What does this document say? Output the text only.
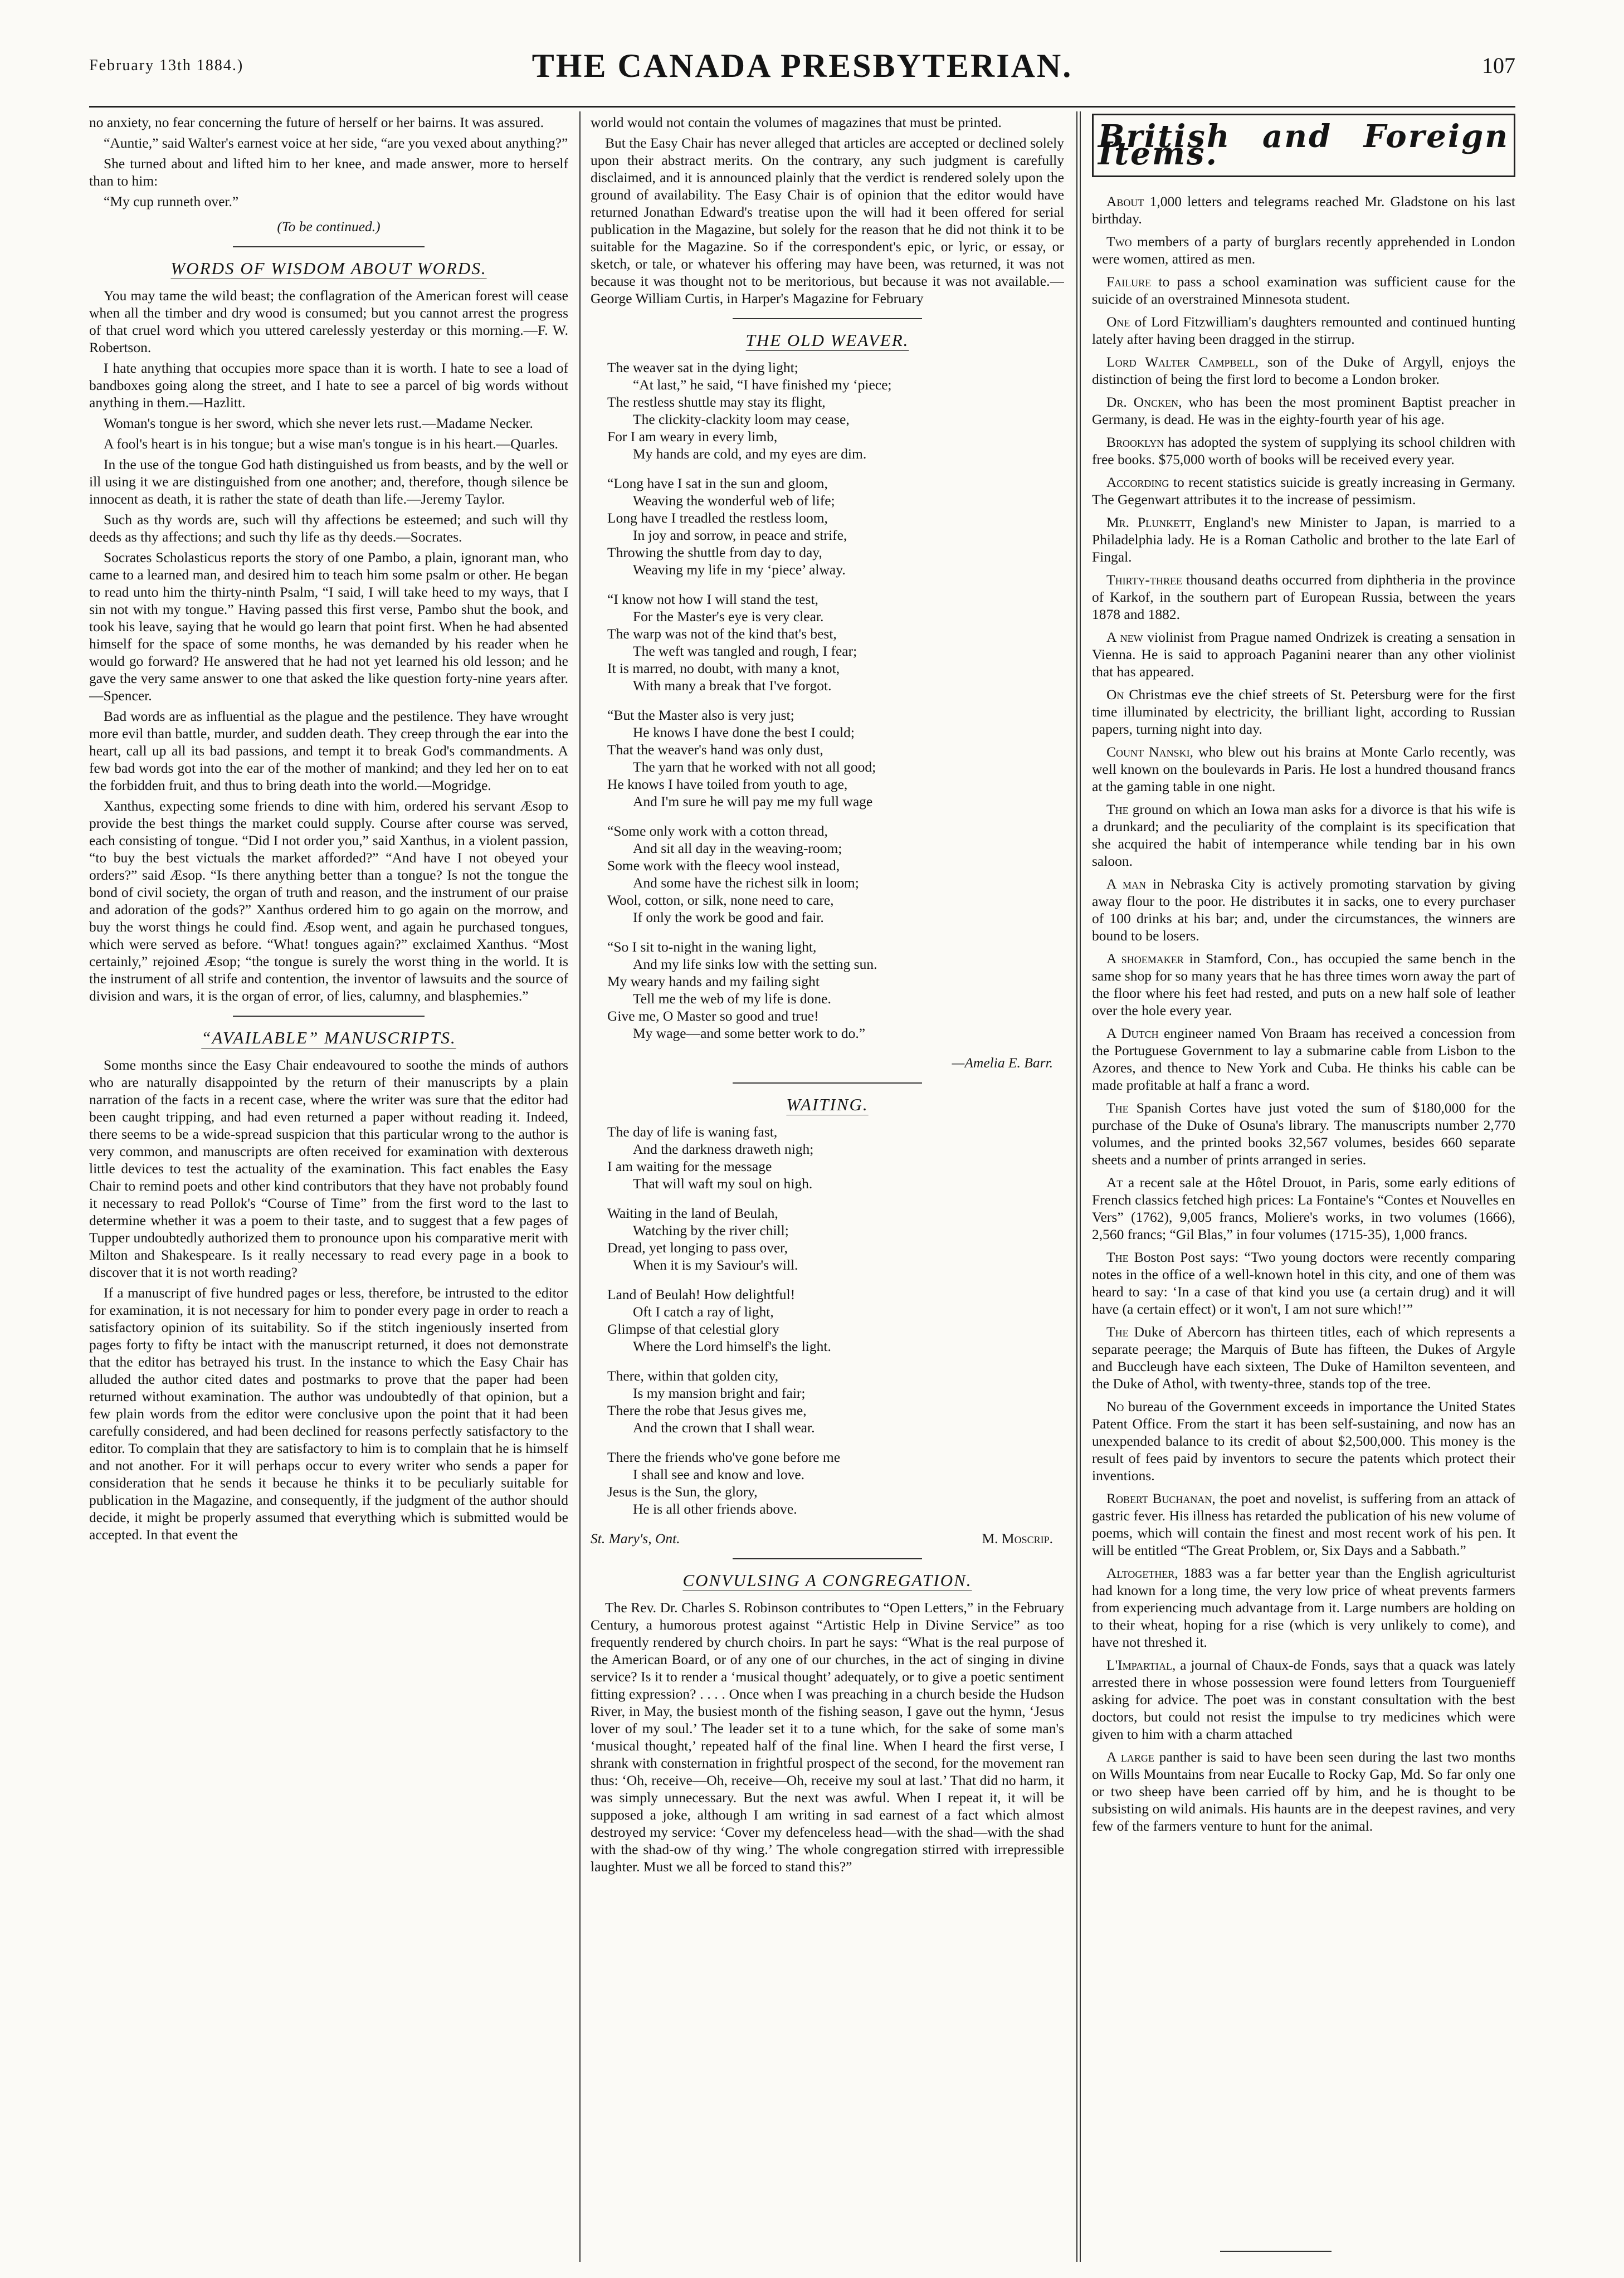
February 13th 1884.)	THE CANADA PRESBYTERIAN.	107

no anxiety, no fear concerning the future of herself or her bairns. It was assured.

“Auntie,” said Walter's earnest voice at her side, “are you vexed about anything?”

She turned about and lifted him to her knee, and made answer, more to herself than to him:

“My cup runneth over.”

(To be continued.)
WORDS OF WISDOM ABOUT WORDS.

You may tame the wild beast; the conflagration of the American forest will cease when all the timber and dry wood is consumed; but you cannot arrest the progress of that cruel word which you uttered carelessly yesterday or this morning.—F. W. Robertson.

I hate anything that occupies more space than it is worth. I hate to see a load of bandboxes going along the street, and I hate to see a parcel of big words without anything in them.—Hazlitt.

Woman's tongue is her sword, which she never lets rust.—Madame Necker.

A fool's heart is in his tongue; but a wise man's tongue is in his heart.—Quarles.

In the use of the tongue God hath distinguished us from beasts, and by the well or ill using it we are distinguished from one another; and, therefore, though silence be innocent as death, it is rather the state of death than life.—Jeremy Taylor.

Such as thy words are, such will thy affections be esteemed; and such will thy deeds as thy affections; and such thy life as thy deeds.—Socrates.

Socrates Scholasticus reports the story of one Pambo, a plain, ignorant man, who came to a learned man, and desired him to teach him some psalm or other. He began to read unto him the thirty-ninth Psalm, “I said, I will take heed to my ways, that I sin not with my tongue.” Having passed this first verse, Pambo shut the book, and took his leave, saying that he would go learn that point first. When he had absented himself for the space of some months, he was demanded by his reader when he would go forward? He answered that he had not yet learned his old lesson; and he gave the very same answer to one that asked the like question forty-nine years after.—Spencer.

Bad words are as influential as the plague and the pestilence. They have wrought more evil than battle, murder, and sudden death. They creep through the ear into the heart, call up all its bad passions, and tempt it to break God's commandments. A few bad words got into the ear of the mother of mankind; and they led her on to eat the forbidden fruit, and thus to bring death into the world.—Mogridge.

Xanthus, expecting some friends to dine with him, ordered his servant Æsop to provide the best things the market could supply. Course after course was served, each consisting of tongue. “Did I not order you,” said Xanthus, in a violent passion, “to buy the best victuals the market afforded?” “And have I not obeyed your orders?” said Æsop. “Is there anything better than a tongue? Is not the tongue the bond of civil society, the organ of truth and reason, and the instrument of our praise and adoration of the gods?” Xanthus ordered him to go again on the morrow, and buy the worst things he could find. Æsop went, and again he purchased tongues, which were served as before. “What! tongues again?” exclaimed Xanthus. “Most certainly,” rejoined Æsop; “the tongue is surely the worst thing in the world. It is the instrument of all strife and contention, the inventor of lawsuits and the source of division and wars, it is the organ of error, of lies, calumny, and blasphemies.”

“AVAILABLE” MANUSCRIPTS.

Some months since the Easy Chair endeavoured to soothe the minds of authors who are naturally disappointed by the return of their manuscripts by a plain narration of the facts in a recent case, where the writer was sure that the editor had been caught tripping, and had even returned a paper without reading it. Indeed, there seems to be a wide-spread suspicion that this particular wrong to the author is very common, and manuscripts are often received for examination with dexterous little devices to test the actuality of the examination. This fact enables the Easy Chair to remind poets and other kind contributors that they have not probably found it necessary to read Pollok's “Course of Time” from the first word to the last to determine whether it was a poem to their taste, and to suggest that a few pages of Tupper undoubtedly authorized them to pronounce upon his comparative merit with Milton and Shakespeare. Is it really necessary to read every page in a book to discover that it is not worth reading?

If a manuscript of five hundred pages or less, therefore, be intrusted to the editor for examination, it is not necessary for him to ponder every page in order to reach a satisfactory opinion of its suitability. So if the stitch ingeniously inserted from pages forty to fifty be intact with the manuscript returned, it does not demonstrate that the editor has betrayed his trust. In the instance to which the Easy Chair has alluded the author cited dates and postmarks to prove that the paper had been returned without examination. The author was undoubtedly of that opinion, but a few plain words from the editor were conclusive upon the point that it had been carefully considered, and had been declined for reasons perfectly satisfactory to the editor. To complain that they are satisfactory to him is to complain that he is himself and not another. For it will perhaps occur to every writer who sends a paper for consideration that he sends it because he thinks it to be peculiarly suitable for publication in the Magazine, and consequently, if the judgment of the author should decide, it might be properly assumed that everything which is submitted would be accepted. In that event the

world would not contain the volumes of magazines that must be printed.

But the Easy Chair has never alleged that articles are accepted or declined solely upon their abstract merits. On the contrary, any such judgment is carefully disclaimed, and it is announced plainly that the verdict is rendered solely upon the ground of availability. The Easy Chair is of opinion that the editor would have returned Jonathan Edward's treatise upon the will had it been offered for serial publication in the Magazine, but solely for the reason that he did not think it to be suitable for the Magazine. So if the correspondent's epic, or lyric, or essay, or sketch, or tale, or whatever his offering may have been, was returned, it was not because it was thought not to be meritorious, but because it was not available.—George William Curtis, in Harper's Magazine for February

THE OLD WEAVER.
The weaver sat in the dying light;
“At last,” he said, “I have finished my ‘piece;
The restless shuttle may stay its flight,
The clickity-clackity loom may cease,
For I am weary in every limb,
My hands are cold, and my eyes are dim.
“Long have I sat in the sun and gloom,
Weaving the wonderful web of life;
Long have I treadled the restless loom,
In joy and sorrow, in peace and strife,
Throwing the shuttle from day to day,
Weaving my life in my ‘piece’ alway.
“I know not how I will stand the test,
For the Master's eye is very clear.
The warp was not of the kind that's best,
The weft was tangled and rough, I fear;
It is marred, no doubt, with many a knot,
With many a break that I've forgot.
“But the Master also is very just;
He knows I have done the best I could;
That the weaver's hand was only dust,
The yarn that he worked with not all good;
He knows I have toiled from youth to age,
And I'm sure he will pay me my full wage
“Some only work with a cotton thread,
And sit all day in the weaving-room;
Some work with the fleecy wool instead,
And some have the richest silk in loom;
Wool, cotton, or silk, none need to care,
If only the work be good and fair.
“So I sit to-night in the waning light,
And my life sinks low with the setting sun.
My weary hands and my failing sight
Tell me the web of my life is done.
Give me, O Master so good and true!
My wage—and some better work to do.”
—Amelia E. Barr.
WAITING.
The day of life is waning fast,
And the darkness draweth nigh;
I am waiting for the message
That will waft my soul on high.
Waiting in the land of Beulah,
Watching by the river chill;
Dread, yet longing to pass over,
When it is my Saviour's will.
Land of Beulah! How delightful!
Oft I catch a ray of light,
Glimpse of that celestial glory
Where the Lord himself's the light.
There, within that golden city,
Is my mansion bright and fair;
There the robe that Jesus gives me,
And the crown that I shall wear.
There the friends who've gone before me
I shall see and know and love.
Jesus is the Sun, the glory,
He is all other friends above.
St. Mary's, Ont.	M. Moscrip.
CONVULSING A CONGREGATION.

The Rev. Dr. Charles S. Robinson contributes to “Open Letters,” in the February Century, a humorous protest against “Artistic Help in Divine Service” as too frequently rendered by church choirs. In part he says: “What is the real purpose of the American Board, or of any one of our churches, in the act of singing in divine service? Is it to render a ‘musical thought’ adequately, or to give a poetic sentiment fitting expression? . . . . Once when I was preaching in a church beside the Hudson River, in May, the busiest month of the fishing season, I gave out the hymn, ‘Jesus lover of my soul.’ The leader set it to a tune which, for the sake of some man's ‘musical thought,’ repeated half of the final line. When I heard the first verse, I shrank with consternation in frightful prospect of the second, for the movement ran thus: ‘Oh, receive—Oh, receive—Oh, receive my soul at last.’ That did no harm, it was simply unnecessary. But the next was awful. When I repeat it, it will be supposed a joke, although I am writing in sad earnest of a fact which almost destroyed my service: ‘Cover my defenceless head—with the shad—with the shad with the shad-ow of thy wing.’ The whole congregation stirred with irrepressible laughter. Must we all be forced to stand this?”

British and Foreign Items.

About 1,000 letters and telegrams reached Mr. Gladstone on his last birthday.

Two members of a party of burglars recently apprehended in London were women, attired as men.

Failure to pass a school examination was sufficient cause for the suicide of an overstrained Minnesota student.

One of Lord Fitzwilliam's daughters remounted and continued hunting lately after having been dragged in the stirrup.

Lord Walter Campbell, son of the Duke of Argyll, enjoys the distinction of being the first lord to become a London broker.

Dr. Oncken, who has been the most prominent Baptist preacher in Germany, is dead. He was in the eighty-fourth year of his age.

Brooklyn has adopted the system of supplying its school children with free books. $75,000 worth of books will be received every year.

According to recent statistics suicide is greatly increasing in Germany. The Gegenwart attributes it to the increase of pessimism.

Mr. Plunkett, England's new Minister to Japan, is married to a Philadelphia lady. He is a Roman Catholic and brother to the late Earl of Fingal.

Thirty-three thousand deaths occurred from diphtheria in the province of Karkof, in the southern part of European Russia, between the years 1878 and 1882.

A new violinist from Prague named Ondrizek is creating a sensation in Vienna. He is said to approach Paganini nearer than any other violinist that has appeared.

On Christmas eve the chief streets of St. Petersburg were for the first time illuminated by electricity, the brilliant light, according to Russian papers, turning night into day.

Count Nanski, who blew out his brains at Monte Carlo recently, was well known on the boulevards in Paris. He lost a hundred thousand francs at the gaming table in one night.

The ground on which an Iowa man asks for a divorce is that his wife is a drunkard; and the peculiarity of the complaint is its specification that she acquired the habit of intemperance while tending bar in his own saloon.

A man in Nebraska City is actively promoting starvation by giving away flour to the poor. He distributes it in sacks, one to every purchaser of 100 drinks at his bar; and, under the circumstances, the winners are bound to be losers.

A shoemaker in Stamford, Con., has occupied the same bench in the same shop for so many years that he has three times worn away the part of the floor where his feet had rested, and puts on a new half sole of leather over the hole every year.

A Dutch engineer named Von Braam has received a concession from the Portuguese Government to lay a submarine cable from Lisbon to the Azores, and thence to New York and Cuba. He thinks his cable can be made profitable at half a franc a word.

The Spanish Cortes have just voted the sum of $180,000 for the purchase of the Duke of Osuna's library. The manuscripts number 2,770 volumes, and the printed books 32,567 volumes, besides 660 separate sheets and a number of prints arranged in series.

At a recent sale at the Hôtel Drouot, in Paris, some early editions of French classics fetched high prices: La Fontaine's “Contes et Nouvelles en Vers” (1762), 9,005 francs, Moliere's works, in two volumes (1666), 2,560 francs; “Gil Blas,” in four volumes (1715-35), 1,000 francs.

The Boston Post says: “Two young doctors were recently comparing notes in the office of a well-known hotel in this city, and one of them was heard to say: ‘In a case of that kind you use (a certain drug) and it will have (a certain effect) or it won't, I am not sure which!’”

The Duke of Abercorn has thirteen titles, each of which represents a separate peerage; the Marquis of Bute has fifteen, the Dukes of Argyle and Buccleugh have each sixteen, The Duke of Hamilton seventeen, and the Duke of Athol, with twenty-three, stands top of the tree.

No bureau of the Government exceeds in importance the United States Patent Office. From the start it has been self-sustaining, and now has an unexpended balance to its credit of about $2,500,000. This money is the result of fees paid by inventors to secure the patents which protect their inventions.

Robert Buchanan, the poet and novelist, is suffering from an attack of gastric fever. His illness has retarded the publication of his new volume of poems, which will contain the finest and most recent work of his pen. It will be entitled “The Great Problem, or, Six Days and a Sabbath.”

Altogether, 1883 was a far better year than the English agriculturist had known for a long time, the very low price of wheat prevents farmers from experiencing much advantage from it. Large numbers are holding on to their wheat, hoping for a rise (which is very unlikely to come), and have not threshed it.

L'Impartial, a journal of Chaux-de Fonds, says that a quack was lately arrested there in whose possession were found letters from Tourguenieff asking for advice. The poet was in constant consultation with the best doctors, but could not resist the impulse to try medicines which were given to him with a charm attached

A large panther is said to have been seen during the last two months on Wills Mountains from near Eucalle to Rocky Gap, Md. So far only one or two sheep have been carried off by him, and he is thought to be subsisting on wild animals. His haunts are in the deepest ravines, and very few of the farmers venture to hunt for the animal.
